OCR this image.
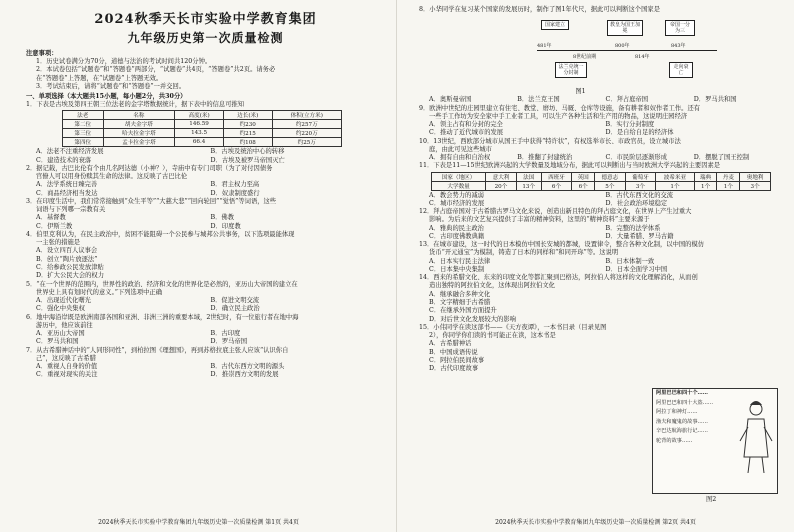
2024秋季天长市实验中学教育集团
九年级历史第一次质量检测
注意事项：
1．历史试卷满分为70分，道德与法治的考试时间共120分钟。
2．本试卷包括“试题卷”和“答题卷”两部分，“试题卷”共4页，“答题卷”共2页。请务必
在“答题卷”上答题，在“试题卷”上答题无效。
3．考试结束后，请将“试题卷”和“答题卷”一并交回。
一、单项选择（本大题共15小题，每小题2分，共30分）
1．下表是古埃及第四王朝三位法老的金字塔数据统计，据下表中的信息可推知
法老	名称	高度(米)	边长(米)	体积(立方米)
第二位	胡夫金字塔	146.59	约230	约257万
第三位	哈夫拉金字塔	143.5	约215	约220万
第四位	孟卡拉金字塔	66.4	约108	约25万
A．法老不注重经济发展	B．古埃及统治中心的转移
C．建造技术的衰落	D．古埃及被罗马帝国灭亡
2．据记载，古巴比伦有个由几名阿达德（小神？），寺庙中有专门司职（为了对付因债务
官僚人可以用身份赎其生命的法律。这反映了古巴比伦
A．法学系统日臻完善	B．君主权力至高
C．商品经济相当发达	D．奴隶制度盛行
3．在印度生活中，我们常常接触到“众生平等”“大慈大悲”“回向轮回”“觉悟”等词语，这些
词语与下列哪一宗教有关
A．基督教	B．佛教
C．伊斯兰教	D．印度教
4．伯里克利认为，在民主政治中，贫困不能阻碍一个公民参与城邦公共事务，以下选项最能体现
一主张的措施是
A．设立四百人议事会
B．创立“陶片放逐法”
C．给参政公民发放津贴
D．扩大公民大会的权力
5．“在一个世界的范围内，世界性的政治、经济和文化的世界化是必然的，亚历山大帝国的建立在
世界史上具有划时代的意义。”下列选项中正确
A．出现近代化曙光	B．促进文明交流
C．强化中央集权	D．确立民主政治
6．地中海沿岸既是欧洲南部各国和亚洲、非洲三洲的重要本域，2世纪时，有一位旅行者在地中海
游历中，他应该前往
A．亚历山大帝国	B．古印度
C．罗马共和国	D．罗马帝国
7．从古希腊神话中的“人同形同性”，到柏拉图《理想国》，再到苏格拉底主张人应该“认识你自
己”，这反映了古希腊
A．重视人自身的价值	B．古代东西方文明的源头
C．重视对现实的关注	D．推崇西方文明的发展
2024秋季天长市实验中学教育集团九年级历史第一次质量检测 第1页 共4页
8．小华同学在复习某个国家的发展历时，制作了图1年代尺，据此可以判断这个国家是
国家建立	教皇为国王加冕
帝国一分为三
法兰克统一分封制
走向衰亡
481年
8世纪前期
800年
814年
843年
图1
A．奥斯曼帝国	B．法兰克王国	C．拜占庭帝国	D．罗马共和国
9．欧洲中世纪的庄园里建立有住宅、教堂、磨坊、马厩、仓库等设施，备有耕者和奴作者工作。还有
一些手工作坊为安全家中手工业者工具，可以生产各种生活和生产用的物品，这说明庄园经济
A．领主占有和分封的完全	B．实行分封制度
C．推动了近代城市的发展	D．是自给自足的经济体
10．13世纪，西欧部分城市从国王手中获得“特许状”，有权选举市长、市政官员，设立城市法
庭，由此可见这些城市
A．拥有自由和自治权	B．推翻了封建统治	C．市民阶层逐渐形成	D．摆脱了国王控制
11．下表是11—15世纪欧洲兴起的大学数量及地域分布，据此可以判断出与当时欧洲大学兴起的主要因素是
国家（地区）	意大利	法国	西班牙	英国	德意志	葡萄牙	波希米亚	瑞典	丹麦	奥地利
大学数量	20个	13个	6个	6个	5个	3个	1个	1个	1个	3个
A．教会势力的减弱	B．古代东西文化的交流
C．城市经济的发展	D．社会政治环境稳定
12．拜占庭帝国对于古希腊古罗马文化来说，创造出新且特色的拜占庭文化，在世界上产生过重大
影响。为后来的文艺复兴提供了丰富的精神资料，这里的“精神资料”主要来源于
A．雅典的民主政治	B．完整的法学体系
C．古印度佛教典籍	D．大量希腊、罗马古籍
13．在城市建设，这一时代的日本模仿中国长安城的都城，设置律令，整合各种文化制，以中国的模仿
货币“开元通宝”为模制，铸造了日本的同样和“和同开珎”等。这说明
A．日本实行民主法律	B．日本体制一致
C．日本集中央集制	D．日本全面学习中国
14．西来的希腊文化、东来的印度文化等都汇聚到巴格达，阿拉伯人将这样的文化理解消化，从而创
造出独特的阿拉伯文化，这体现出阿拉伯文化
A．继承融合多种文化
B．文字精细于古希腊
C．在继承外国方面提升
D．对后世文化发展较大的影响
15．小伟同学在读这部书——《天方夜谭》，一本书目录（目录见图
2），你同学你们读的书可能正在读，这本书是
A．古希腊神话
B．中国成语传说
C．阿拉伯民间故事
D．古代印度故事
2024秋季天长市实验中学教育集团九年级历史第一次质量检测 第2页 共4页
阿里巴巴和四十个……
阿里巴巴和四十大盗……
阿拉丁和神灯……
渔夫和魔鬼的故事……
辛巴达航海旅行记……
驼背的故事……
图2
